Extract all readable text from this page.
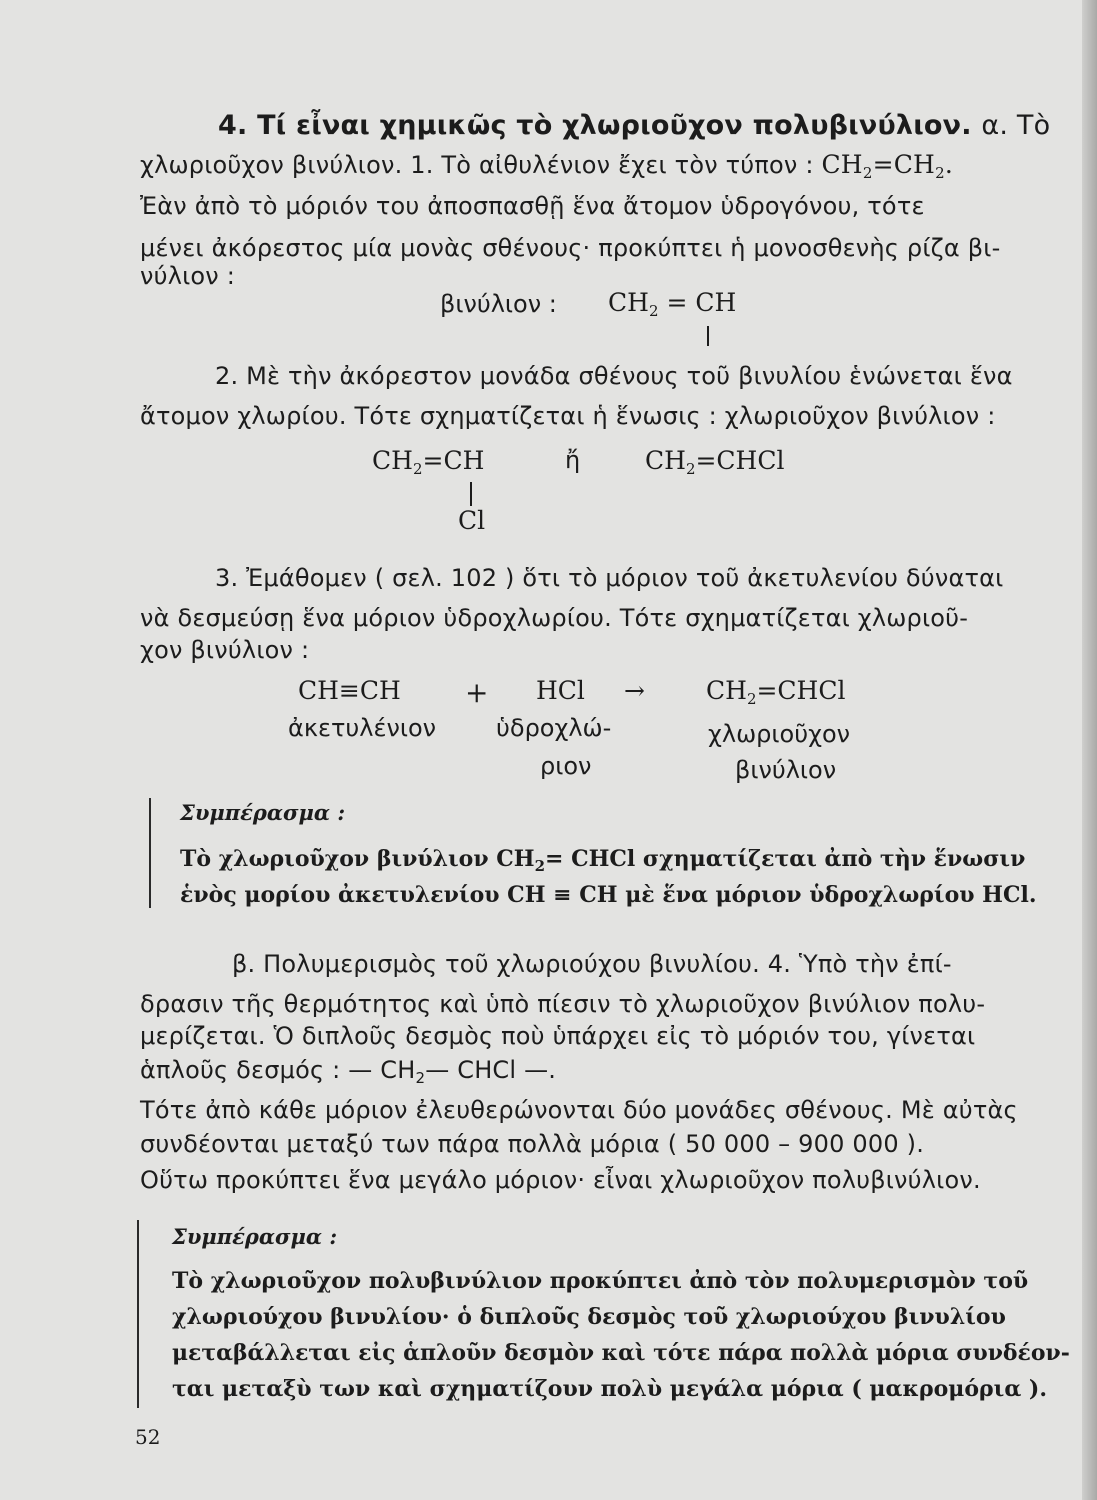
4. Τί εἶναι χημικῶς τὸ χλωριοῦχον πολυβινύλιον. α. Τὸ
χλωριοῦχον βινύλιον. 1. Τὸ αἰθυλένιον ἔχει τὸν τύπον : $CH_2=CH_2$.
Ἐὰν ἀπὸ τὸ μόριόν του ἀποσπασθῇ ἕνα ἄτομον ὑδρογόνου, τότε
μένει ἀκόρεστος μία μονὰς σθένους· προκύπτει ἡ μονοσθενὴς ρίζα βι-
νύλιον :
βινύλιον : $CH_2$ = CH
2. Μὲ τὴν ἀκόρεστον μονάδα σθένους τοῦ βινυλίου ἑνώνεται ἕνα
ἄτομον χλωρίου. Τότε σχηματίζεται ἡ ἕνωσις : χλωριοῦχον βινύλιον :
$CH_2=CH$	ἤ	$CH_2=CHCl$
Cl
3. Ἐμάθομεν ( σελ. 102 ) ὅτι τὸ μόριον τοῦ ἀκετυλενίου δύναται
νὰ δεσμεύσῃ ἕνα μόριον ὑδροχλωρίου. Τότε σχηματίζεται χλωριοῦ-
χον βινύλιον :
CH≡CH + HCl → $CH_2=CHCl$
ἀκετυλένιον ὑδροχλώ-
ριον
χλωριοῦχον
βινύλιον
Συμπέρασμα :
Τὸ χλωριοῦχον βινύλιον $CH_2=$ CHCl σχηματίζεται ἀπὸ τὴν ἕνωσιν
ἑνὸς μορίου ἀκετυλενίου CH ≡ CH μὲ ἕνα μόριον ὑδροχλωρίου HCl.
β. Πολυμερισμὸς τοῦ χλωριούχου βινυλίου. 4. Ὑπὸ τὴν ἐπί-
δρασιν τῆς θερμότητος καὶ ὑπὸ πίεσιν τὸ χλωριοῦχον βινύλιον πολυ-
μερίζεται. Ὁ διπλοῦς δεσμὸς ποὺ ὑπάρχει εἰς τὸ μόριόν του, γίνεται
ἁπλοῦς δεσμός : — $CH_2—$ CHCl —.
Τότε ἀπὸ κάθε μόριον ἐλευθερώνονται δύο μονάδες σθένους. Μὲ αὐτὰς
συνδέονται μεταξύ των πάρα πολλὰ μόρια ( 50 000 – 900 000 ).
Οὕτω προκύπτει ἕνα μεγάλο μόριον· εἶναι χλωριοῦχον πολυβινύλιον.
Συμπέρασμα :
Τὸ χλωριοῦχον πολυβινύλιον προκύπτει ἀπὸ τὸν πολυμερισμὸν τοῦ
χλωριούχου βινυλίου· ὁ διπλοῦς δεσμὸς τοῦ χλωριούχου βινυλίου
μεταβάλλεται εἰς ἁπλοῦν δεσμὸν καὶ τότε πάρα πολλὰ μόρια συνδέον-
ται μεταξὺ των καὶ σχηματίζουν πολὺ μεγάλα μόρια ( μακρομόρια ).
52
